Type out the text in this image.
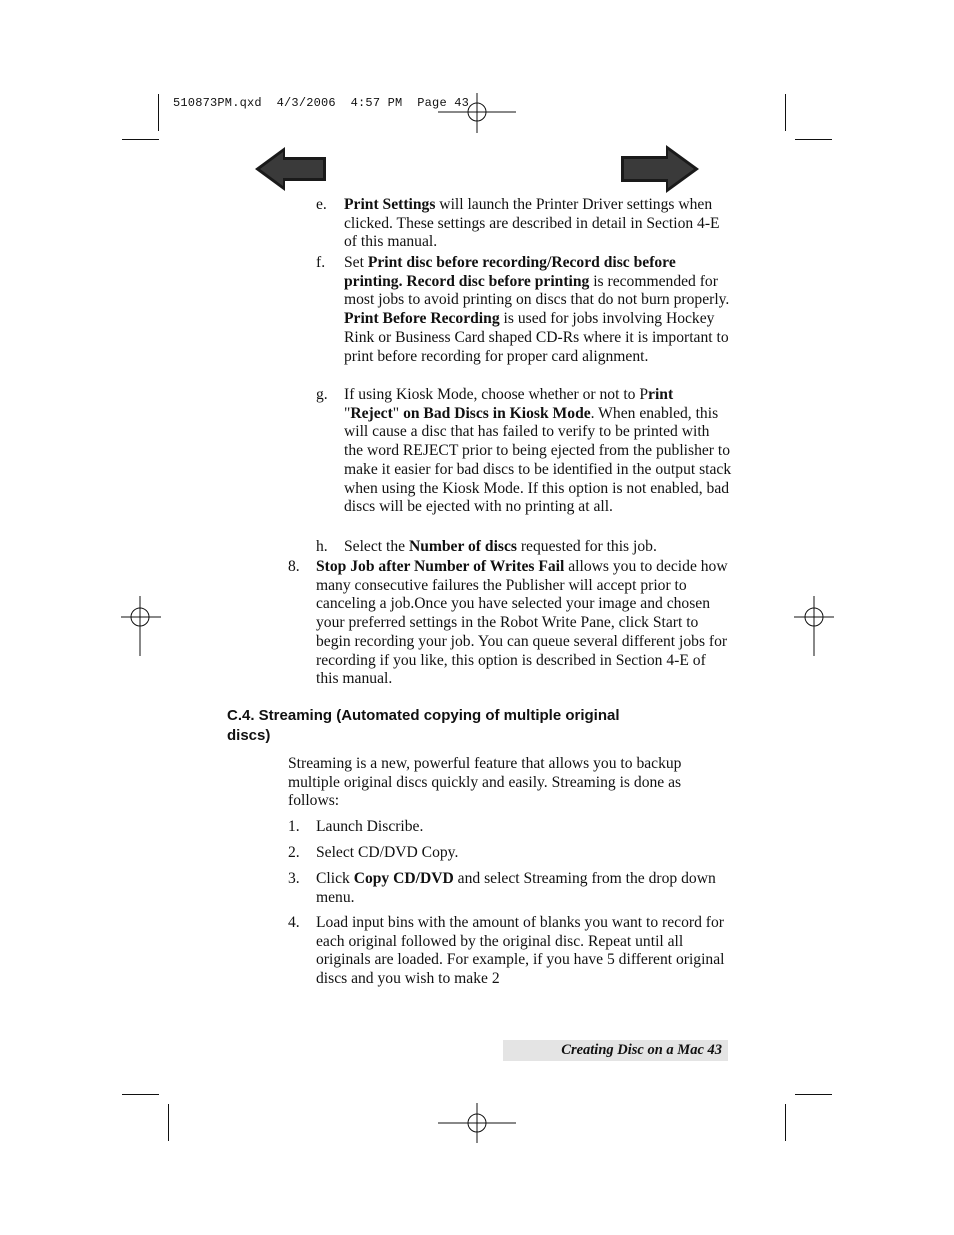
510873PM.qxd  4/3/2006  4:57 PM  Page 43
e. Print Settings will launch the Printer Driver settings when clicked. These settings are described in detail in Section 4-E of this manual.
f. Set Print disc before recording/Record disc before printing. Record disc before printing is recommended for most jobs to avoid printing on discs that do not burn properly. Print Before Recording is used for jobs involving Hockey Rink or Business Card shaped CD-Rs where it is important to print before recording for proper card alignment.
g. If using Kiosk Mode, choose whether or not to Print "Reject" on Bad Discs in Kiosk Mode. When enabled, this will cause a disc that has failed to verify to be printed with the word REJECT prior to being ejected from the publisher to make it easier for bad discs to be identified in the output stack when using the Kiosk Mode. If this option is not enabled, bad discs will be ejected with no printing at all.
h. Select the Number of discs requested for this job.
8. Stop Job after Number of Writes Fail allows you to decide how many consecutive failures the Publisher will accept prior to canceling a job.Once you have selected your image and chosen your preferred settings in the Robot Write Pane, click Start to begin recording your job. You can queue several different jobs for recording if you like, this option is described in Section 4-E of this manual.
C.4. Streaming (Automated copying of multiple original discs)
Streaming is a new, powerful feature that allows you to backup multiple original discs quickly and easily. Streaming is done as follows:
1. Launch Discribe.
2. Select CD/DVD Copy.
3. Click Copy CD/DVD and select Streaming from the drop down menu.
4. Load input bins with the amount of blanks you want to record for each original followed by the original disc. Repeat until all originals are loaded. For example, if you have 5 different original discs and you wish to make 2
Creating Disc on a Mac 43
